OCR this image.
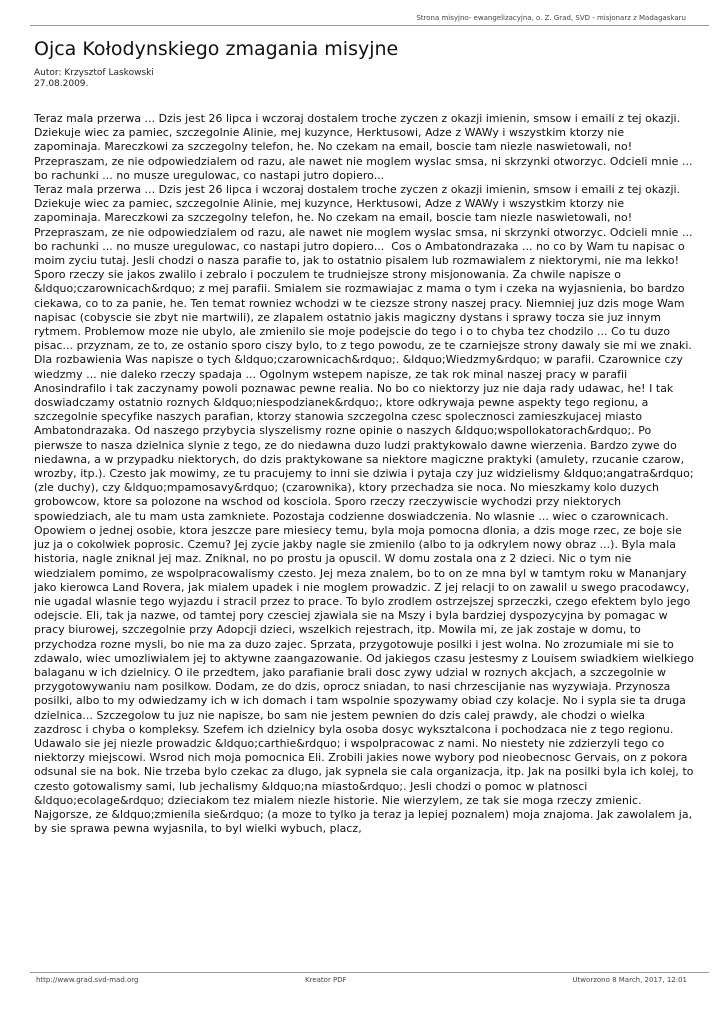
Strona misyjno- ewangelizacyjna, o. Z. Grad, SVD - misjonarz z Madagaskaru
Ojca Kołodynskiego zmagania misyjne
Autor: Krzysztof Laskowski
27.08.2009.
Teraz mala przerwa ... Dzis jest 26 lipca i wczoraj dostalem troche zyczen z okazji imienin, smsow i emaili z tej okazji. Dziekuje wiec za pamiec, szczegolnie Alinie, mej kuzynce, Herktusowi, Adze z WAWy i wszystkim ktorzy nie zapominaja. Mareczkowi za szczegolny telefon, he. No czekam na email, boscie tam niezle naswietowali, no! Przepraszam, ze nie odpowiedzialem od razu, ale nawet nie moglem wyslac smsa, ni skrzynki otworzyc. Odcieli mnie ... bo rachunki ... no musze uregulowac, co nastapi jutro dopiero...
Teraz mala przerwa ... Dzis jest 26 lipca i wczoraj dostalem troche zyczen z okazji imienin, smsow i emaili z tej okazji. Dziekuje wiec za pamiec, szczegolnie Alinie, mej kuzynce, Herktusowi, Adze z WAWy i wszystkim ktorzy nie zapominaja. Mareczkowi za szczegolny telefon, he. No czekam na email, boscie tam niezle naswietowali, no! Przepraszam, ze nie odpowiedzialem od razu, ale nawet nie moglem wyslac smsa, ni skrzynki otworzyc. Odcieli mnie ... bo rachunki ... no musze uregulowac, co nastapi jutro dopiero...  Cos o Ambatondrazaka ... no co by Wam tu napisac o moim zyciu tutaj. Jesli chodzi o nasza parafie to, jak to ostatnio pisalem lub rozmawialem z niektorymi, nie ma lekko! Sporo rzeczy sie jakos zwalilo i zebralo i poczulem te trudniejsze strony misjonowania. Za chwile napisze o &ldquo;czarownicach&rdquo; z mej parafii. Smialem sie rozmawiajac z mama o tym i czeka na wyjasnienia, bo bardzo ciekawa, co to za panie, he. Ten temat rowniez wchodzi w te ciezsze strony naszej pracy. Niemniej juz dzis moge Wam napisac (cobyscie sie zbyt nie martwili), ze zlapalem ostatnio jakis magiczny dystans i sprawy tocza sie juz innym rytmem. Problemow moze nie ubylo, ale zmienilo sie moje podejscie do tego i o to chyba tez chodzilo ... Co tu duzo pisac... przyznam, ze to, ze ostanio sporo ciszy bylo, to z tego powodu, ze te czarniejsze strony dawaly sie mi we znaki. Dla rozbawienia Was napisze o tych &ldquo;czarownicach&rdquo;. &ldquo;Wiedzmy&rdquo; w parafii. Czarownice czy wiedzmy ... nie daleko rzeczy spadaja ... Ogolnym wstepem napisze, ze tak rok minal naszej pracy w parafii Anosindrafilo i tak zaczynamy powoli poznawac pewne realia. No bo co niektorzy juz nie daja rady udawac, he! I tak doswiadczamy ostatnio roznych &ldquo;niespodzianek&rdquo;, ktore odkrywaja pewne aspekty tego regionu, a szczegolnie specyfike naszych parafian, ktorzy stanowia szczegolna czesc spolecznosci zamieszkujacej miasto Ambatondrazaka. Od naszego przybycia slyszelismy rozne opinie o naszych &ldquo;wspollokatorach&rdquo;. Po pierwsze to nasza dzielnica slynie z tego, ze do niedawna duzo ludzi praktykowalo dawne wierzenia. Bardzo zywe do niedawna, a w przypadku niektorych, do dzis praktykowane sa niektore magiczne praktyki (amulety, rzucanie czarow, wrozby, itp.). Czesto jak mowimy, ze tu pracujemy to inni sie dziwia i pytaja czy juz widzielismy &ldquo;angatra&rdquo; (zle duchy), czy &ldquo;mpamosavy&rdquo; (czarownika), ktory przechadza sie noca. No mieszkamy kolo duzych grobowcow, ktore sa polozone na wschod od kosciola. Sporo rzeczy rzeczywiscie wychodzi przy niektorych spowiedziach, ale tu mam usta zamkniete. Pozostaja codzienne doswiadczenia. No wlasnie ... wiec o czarownicach. Opowiem o jednej osobie, ktora jeszcze pare miesiecy temu, byla moja pomocna dlonia, a dzis moge rzec, ze boje sie juz ja o cokolwiek poprosic. Czemu? Jej zycie jakby nagle sie zmienilo (albo to ja odkrylem nowy obraz ...). Byla mala historia, nagle zniknal jej maz. Zniknal, no po prostu ja opuscil. W domu zostala ona z 2 dzieci. Nic o tym nie wiedzialem pomimo, ze wspolpracowalismy czesto. Jej meza znalem, bo to on ze mna byl w tamtym roku w Mananjary jako kierowca Land Rovera, jak mialem upadek i nie moglem prowadzic. Z jej relacji to on zawalil u swego pracodawcy, nie ugadal wlasnie tego wyjazdu i stracil przez to prace. To bylo zrodlem ostrzejszej sprzeczki, czego efektem bylo jego odejscie. Eli, tak ja nazwe, od tamtej pory czesciej zjawiala sie na Mszy i byla bardziej dyspozycyjna by pomagac w pracy biurowej, szczegolnie przy Adopcji dzieci, wszelkich rejestrach, itp. Mowila mi, ze jak zostaje w domu, to przychodza rozne mysli, bo nie ma za duzo zajec. Sprzata, przygotowuje posilki i jest wolna. No zrozumiale mi sie to zdawalo, wiec umozliwialem jej to aktywne zaangazowanie. Od jakiegos czasu jestesmy z Louisem swiadkiem wielkiego balaganu w ich dzielnicy. O ile przedtem, jako parafianie brali dosc zywy udzial w roznych akcjach, a szczegolnie w przygotowywaniu nam posilkow. Dodam, ze do dzis, oprocz sniadan, to nasi chrzescijanie nas wyzywiaja. Przynosza posilki, albo to my odwiedzamy ich w ich domach i tam wspolnie spozywamy obiad czy kolacje. No i sypla sie ta druga dzielnica... Szczegolow tu juz nie napisze, bo sam nie jestem pewnien do dzis calej prawdy, ale chodzi o wielka zazdrosc i chyba o kompleksy. Szefem ich dzielnicy byla osoba dosyc wyksztalcona i pochodzaca nie z tego regionu. Udawalo sie jej niezle prowadzic &ldquo;carthie&rdquo; i wspolpracowac z nami. No niestety nie zdzierzyli tego co niektorzy miejscowi. Wsrod nich moja pomocnica Eli. Zrobili jakies nowe wybory pod nieobecnosc Gervais, on z pokora odsunal sie na bok. Nie trzeba bylo czekac za dlugo, jak sypnela sie cala organizacja, itp. Jak na posilki byla ich kolej, to czesto gotowalismy sami, lub jechalismy &ldquo;na miasto&rdquo;. Jesli chodzi o pomoc w platnosci &ldquo;ecolage&rdquo; dzieciakom tez mialem niezle historie. Nie wierzylem, ze tak sie moga rzeczy zmienic. Najgorsze, ze &ldquo;zmienila sie&rdquo; (a moze to tylko ja teraz ja lepiej poznalem) moja znajoma. Jak zawolalem ja, by sie sprawa pewna wyjasnila, to byl wielki wybuch, placz,
http://www.grad.svd-mad.org	Kreator PDF	Utworzono 8 March, 2017, 12:01
